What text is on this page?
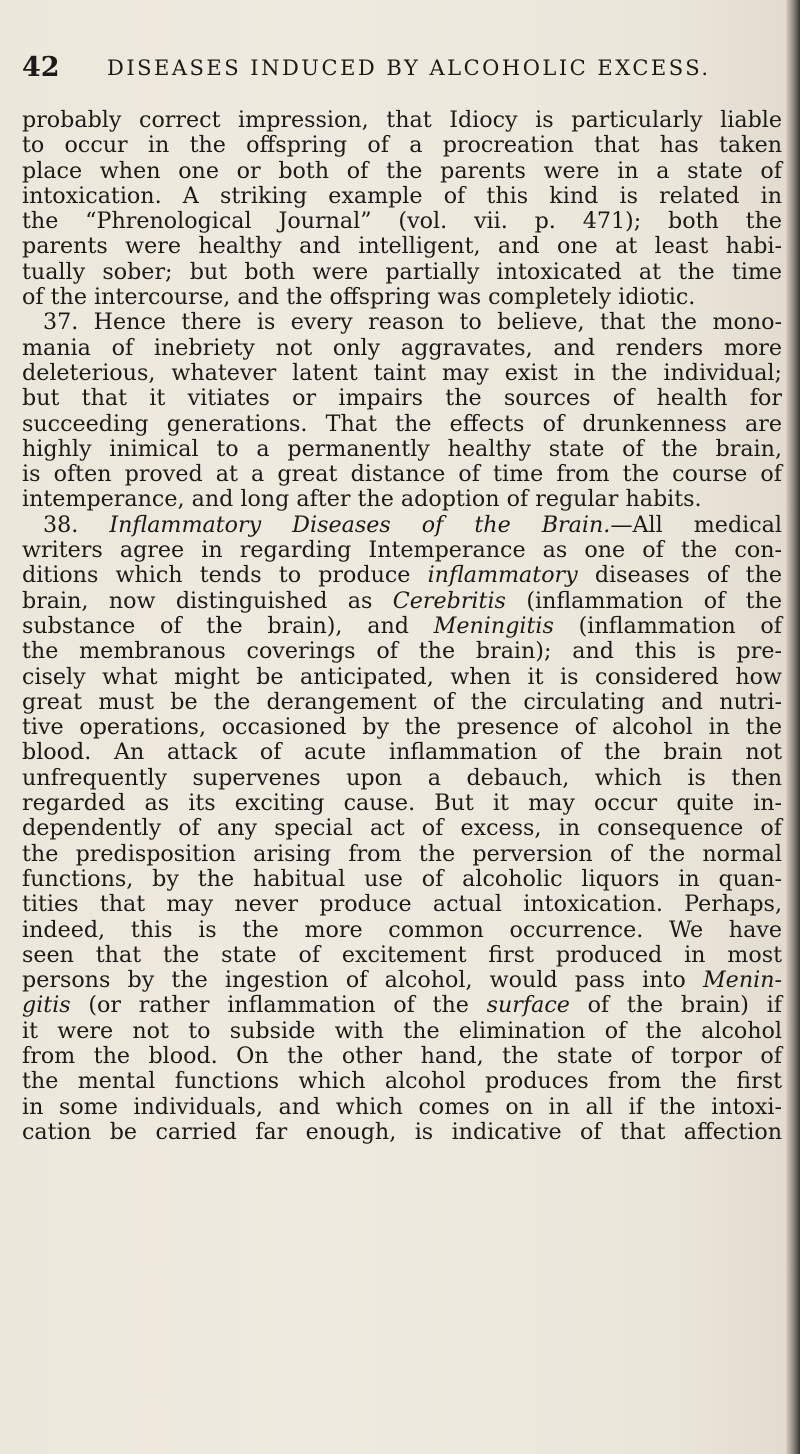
42 DISEASES INDUCED BY ALCOHOLIC EXCESS.
probably correct impression, that Idiocy is particularly liable
to occur in the offspring of a procreation that has taken
place when one or both of the parents were in a state of
intoxication. A striking example of this kind is related in
the “Phrenological Journal” (vol. vii. p. 471); both the
parents were healthy and intelligent, and one at least habi-
tually sober; but both were partially intoxicated at the time
of the intercourse, and the offspring was completely idiotic.
37. Hence there is every reason to believe, that the mono-
mania of inebriety not only aggravates, and renders more
deleterious, whatever latent taint may exist in the individual;
but that it vitiates or impairs the sources of health for
succeeding generations. That the effects of drunkenness are
highly inimical to a permanently healthy state of the brain,
is often proved at a great distance of time from the course of
intemperance, and long after the adoption of regular habits.
38. Inflammatory Diseases of the Brain.—All medical
writers agree in regarding Intemperance as one of the con-
ditions which tends to produce inflammatory diseases of the
brain, now distinguished as Cerebritis (inflammation of the
substance of the brain), and Meningitis (inflammation of
the membranous coverings of the brain); and this is pre-
cisely what might be anticipated, when it is considered how
great must be the derangement of the circulating and nutri-
tive operations, occasioned by the presence of alcohol in the
blood. An attack of acute inflammation of the brain not
unfrequently supervenes upon a debauch, which is then
regarded as its exciting cause. But it may occur quite in-
dependently of any special act of excess, in consequence of
the predisposition arising from the perversion of the normal
functions, by the habitual use of alcoholic liquors in quan-
tities that may never produce actual intoxication. Perhaps,
indeed, this is the more common occurrence. We have
seen that the state of excitement first produced in most
persons by the ingestion of alcohol, would pass into Menin-
gitis (or rather inflammation of the surface of the brain) if
it were not to subside with the elimination of the alcohol
from the blood. On the other hand, the state of torpor of
the mental functions which alcohol produces from the first
in some individuals, and which comes on in all if the intoxi-
cation be carried far enough, is indicative of that affection
